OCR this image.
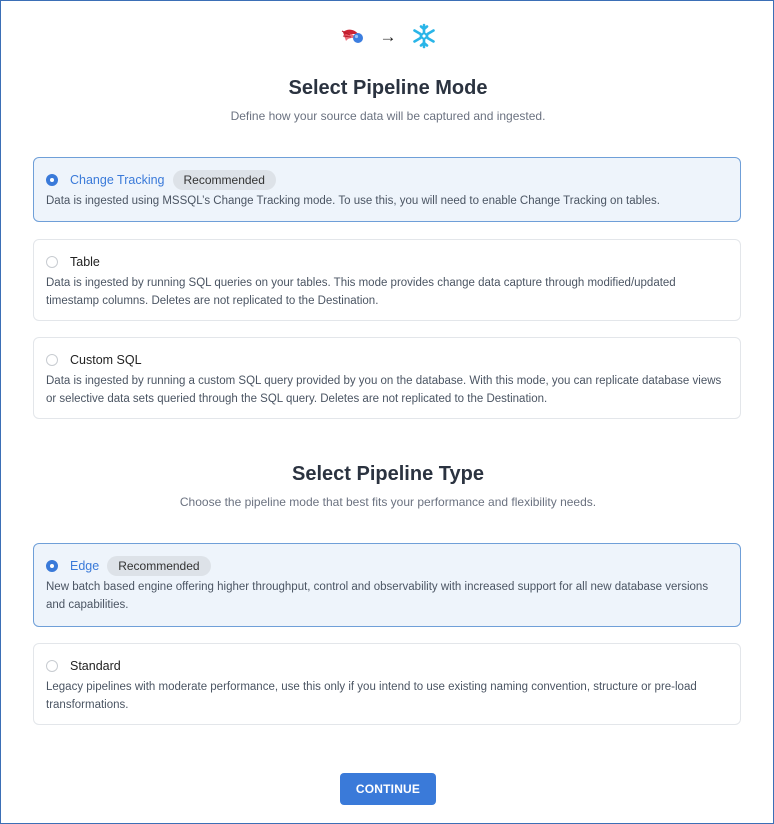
→
Select Pipeline Mode
Define how your source data will be captured and ingested.
Change Tracking	Recommended
Data is ingested using MSSQL’s Change Tracking mode. To use this, you will need to enable Change Tracking on tables.
Table
Data is ingested by running SQL queries on your tables. This mode provides change data capture through modified/updated timestamp columns. Deletes are not replicated to the Destination.
Custom SQL
Data is ingested by running a custom SQL query provided by you on the database. With this mode, you can replicate database views or selective data sets queried through the SQL query. Deletes are not replicated to the Destination.
Select Pipeline Type
Choose the pipeline mode that best fits your performance and flexibility needs.
Edge	Recommended
New batch based engine offering higher throughput, control and observability with increased support for all new database versions and capabilities.
Standard
Legacy pipelines with moderate performance, use this only if you intend to use existing naming convention, structure or pre-load transformations.
CONTINUE
